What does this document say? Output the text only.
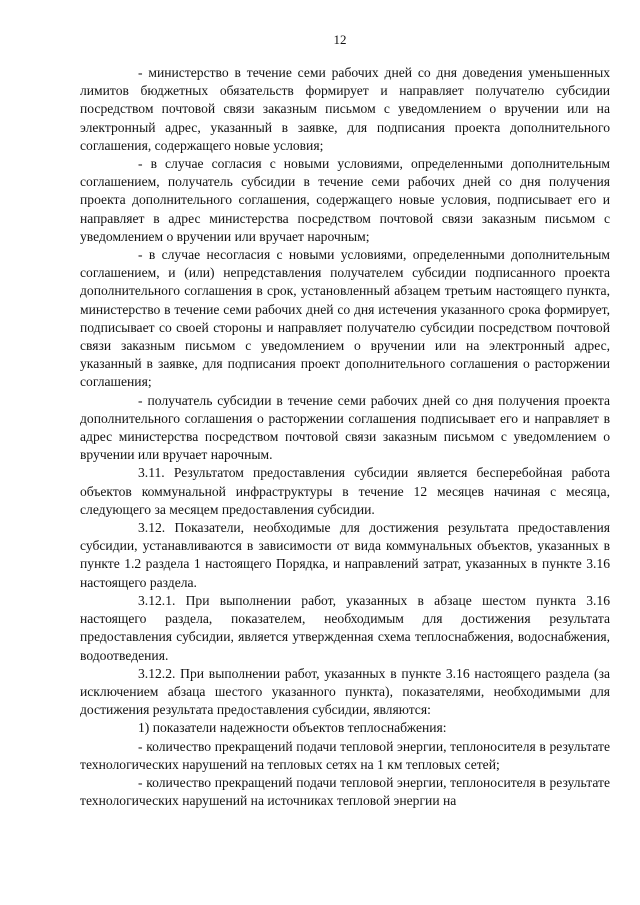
12

- министерство в течение семи рабочих дней со дня доведения уменьшенных лимитов бюджетных обязательств формирует и направляет получателю субсидии посредством почтовой связи заказным письмом с уведомлением о вручении или на электронный адрес, указанный в заявке, для подписания проекта дополнительного соглашения, содержащего новые условия;

- в случае согласия с новыми условиями, определенными дополнительным соглашением, получатель субсидии в течение семи рабочих дней со дня получения проекта дополнительного соглашения, содержащего новые условия, подписывает его и направляет в адрес министерства посредством почтовой связи заказным письмом с уведомлением о вручении или вручает нарочным;

- в случае несогласия с новыми условиями, определенными дополнительным соглашением, и (или) непредставления получателем субсидии подписанного проекта дополнительного соглашения в срок, установленный абзацем третьим настоящего пункта, министерство в течение семи рабочих дней со дня истечения указанного срока формирует, подписывает со своей стороны и направляет получателю субсидии посредством почтовой связи заказным письмом с уведомлением о вручении или на электронный адрес, указанный в заявке, для подписания проект дополнительного соглашения о расторжении соглашения;

- получатель субсидии в течение семи рабочих дней со дня получения проекта дополнительного соглашения о расторжении соглашения подписывает его и направляет в адрес министерства посредством почтовой связи заказным письмом с уведомлением о вручении или вручает нарочным.

3.11. Результатом предоставления субсидии является бесперебойная работа объектов коммунальной инфраструктуры в течение 12 месяцев начиная с месяца, следующего за месяцем предоставления субсидии.

3.12. Показатели, необходимые для достижения результата предоставления субсидии, устанавливаются в зависимости от вида коммунальных объектов, указанных в пункте 1.2 раздела 1 настоящего Порядка, и направлений затрат, указанных в пункте 3.16 настоящего раздела.

3.12.1. При выполнении работ, указанных в абзаце шестом пункта 3.16 настоящего раздела, показателем, необходимым для достижения результата предоставления субсидии, является утвержденная схема теплоснабжения, водоснабжения, водоотведения.

3.12.2. При выполнении работ, указанных в пункте 3.16 настоящего раздела (за исключением абзаца шестого указанного пункта), показателями, необходимыми для достижения результата предоставления субсидии, являются:

1) показатели надежности объектов теплоснабжения:

- количество прекращений подачи тепловой энергии, теплоносителя в результате технологических нарушений на тепловых сетях на 1 км тепловых сетей;

- количество прекращений подачи тепловой энергии, теплоносителя в результате технологических нарушений на источниках тепловой энергии на
